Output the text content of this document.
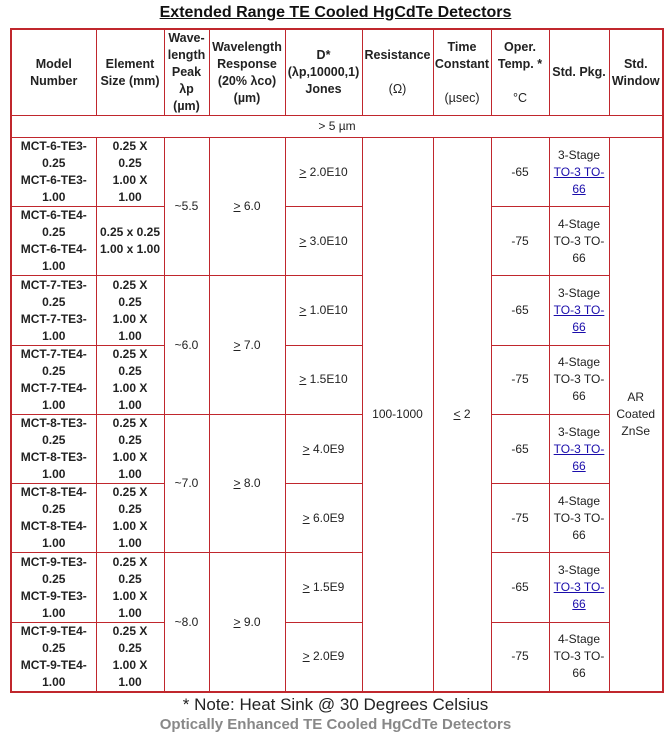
Extended Range TE Cooled HgCdTe Detectors
Model
Number	Element
Size (mm)	Wave-
length
Peak
λp
(µm)	Wavelength
Response
(20% λco)
(µm)	D*
(λp,10000,1)
Jones	Resistance

(Ω)	Time
Constant

(µsec)	Oper.
Temp. *

°C	Std. Pkg.	Std.
Window
> 5 µm									
MCT-6-TE3-
0.25
MCT-6-TE3-
1.00	0.25 X
0.25
1.00 X
1.00	~5.5	> 6.0	> 2.0E10	100-1000	< 2	-65	3-Stage
TO-3 TO-
66	AR
Coated
ZnSe
MCT-6-TE4-
0.25
MCT-6-TE4-
1.00	0.25 x 0.25
1.00 x 1.00			> 3.0E10			-75	4-Stage
TO-3 TO-
66	
MCT-7-TE3-
0.25
MCT-7-TE3-
1.00	0.25 X
0.25
1.00 X
1.00	~6.0	> 7.0	> 1.0E10			-65	3-Stage
TO-3 TO-
66	
MCT-7-TE4-
0.25
MCT-7-TE4-
1.00	0.25 X
0.25
1.00 X
1.00			> 1.5E10			-75	4-Stage
TO-3 TO-
66	
MCT-8-TE3-
0.25
MCT-8-TE3-
1.00	0.25 X
0.25
1.00 X
1.00	~7.0	> 8.0	> 4.0E9			-65	3-Stage
TO-3 TO-
66	
MCT-8-TE4-
0.25
MCT-8-TE4-
1.00	0.25 X
0.25
1.00 X
1.00			> 6.0E9			-75	4-Stage
TO-3 TO-
66	
MCT-9-TE3-
0.25
MCT-9-TE3-
1.00	0.25 X
0.25
1.00 X
1.00	~8.0	> 9.0	> 1.5E9			-65	3-Stage
TO-3 TO-
66	
MCT-9-TE4-
0.25
MCT-9-TE4-
1.00	0.25 X
0.25
1.00 X
1.00			> 2.0E9			-75	4-Stage
TO-3 TO-
66	
* Note: Heat Sink @ 30 Degrees Celsius
Optically Enhanced TE Cooled HgCdTe Detectors
